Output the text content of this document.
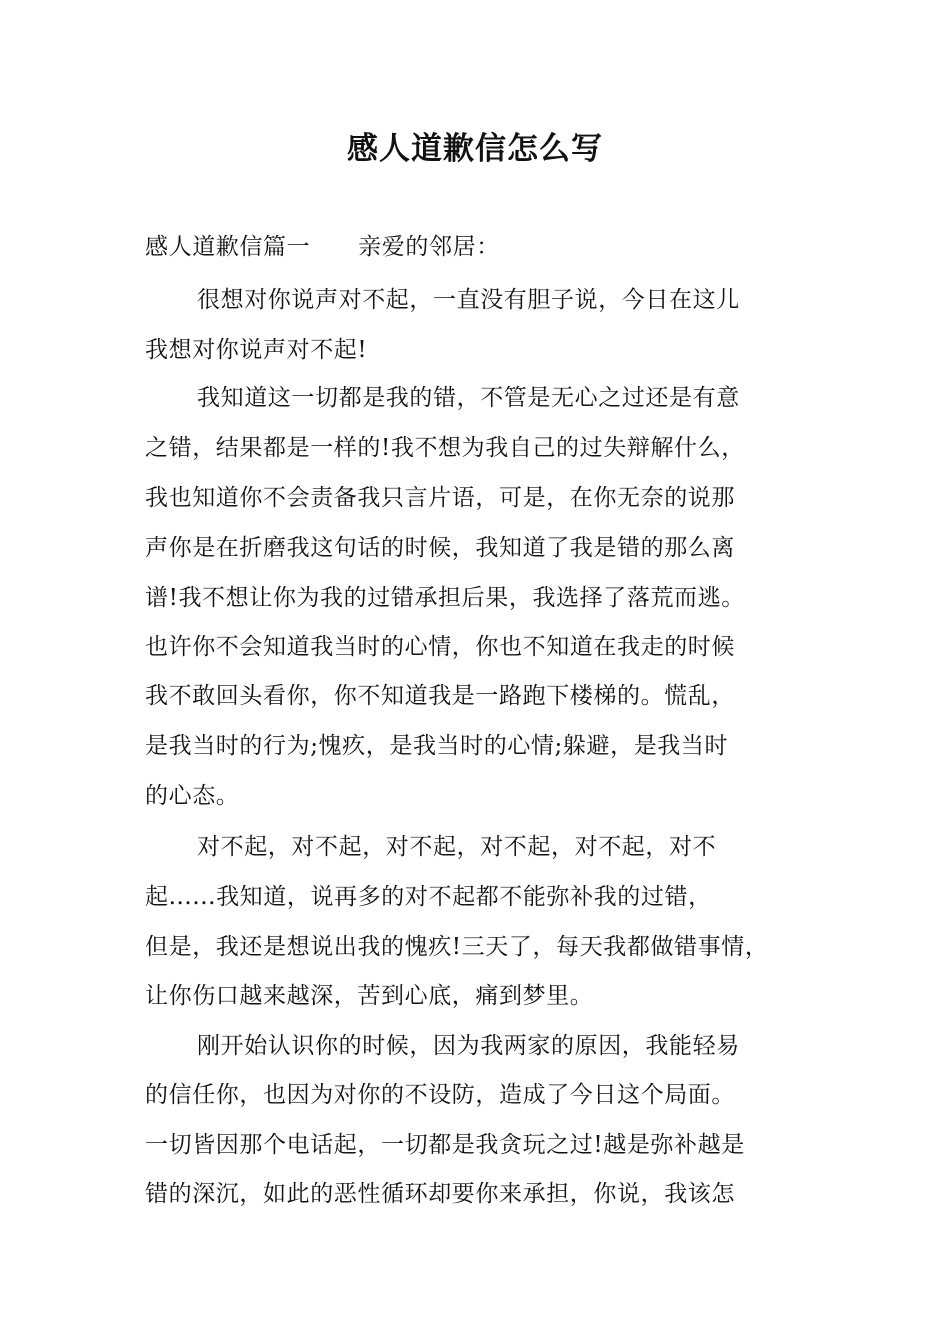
感人道歉信怎么写
感人道歉信篇一 亲爱的邻居：
很想对你说声对不起，一直没有胆子说，今日在这儿
我想对你说声对不起!
我知道这一切都是我的错，不管是无心之过还是有意
之错，结果都是一样的!我不想为我自己的过失辩解什么，
我也知道你不会责备我只言片语，可是，在你无奈的说那
声你是在折磨我这句话的时候，我知道了我是错的那么离
谱!我不想让你为我的过错承担后果，我选择了落荒而逃。
也许你不会知道我当时的心情，你也不知道在我走的时候
我不敢回头看你，你不知道我是一路跑下楼梯的。慌乱，
是我当时的行为;愧疚，是我当时的心情;躲避，是我当时
的心态。
对不起，对不起，对不起，对不起，对不起，对不
起......我知道，说再多的对不起都不能弥补我的过错，
但是，我还是想说出我的愧疚!三天了，每天我都做错事情，
让你伤口越来越深，苦到心底，痛到梦里。
刚开始认识你的时候，因为我两家的原因，我能轻易
的信任你，也因为对你的不设防，造成了今日这个局面。
一切皆因那个电话起，一切都是我贪玩之过!越是弥补越是
错的深沉，如此的恶性循环却要你来承担，你说，我该怎
